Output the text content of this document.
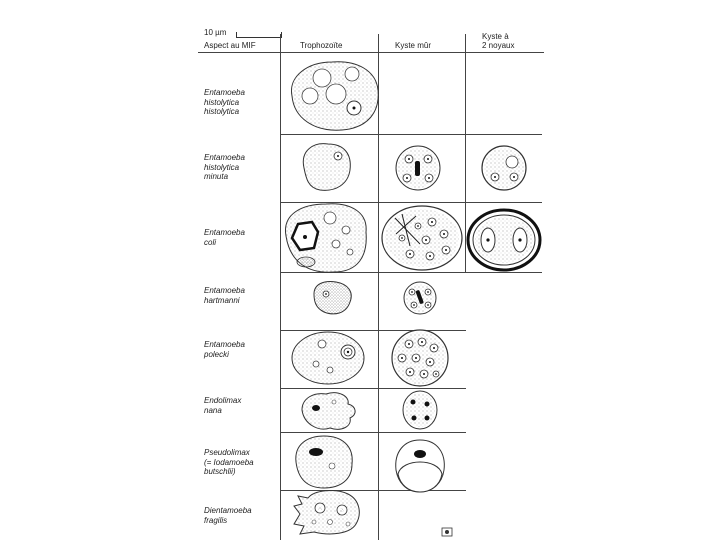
10 µm
Aspect au MIF	Trophozoïte	Kyste mûr
Kyste à
2 noyaux
Entamoeba
histolytica
histolytica
Entamoeba
histolytica
minuta
Entamoeba
coli
Entamoeba
hartmanni
Entamoeba
polecki
Endolimax
nana
Pseudolimax
(= Iodamoeba
butschlii)
Dientamoeba
fragilis
